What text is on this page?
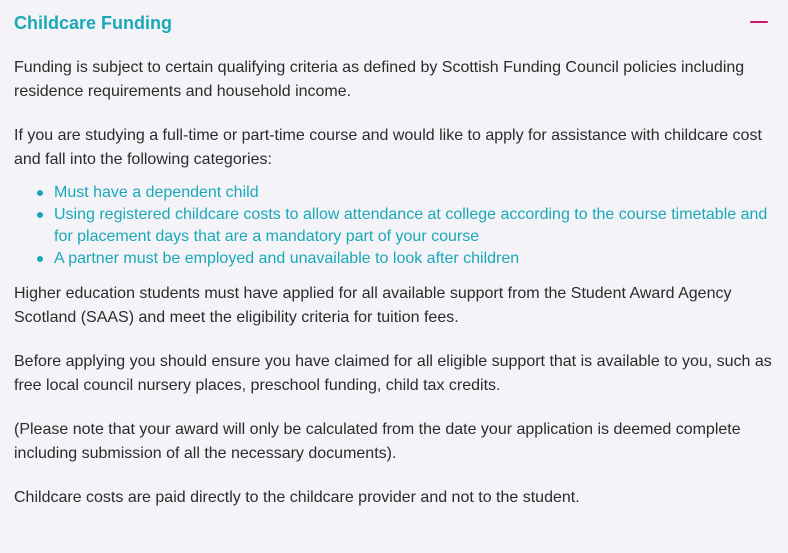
Childcare Funding

Funding is subject to certain qualifying criteria as defined by Scottish Funding Council policies including residence requirements and household income.

If you are studying a full-time or part-time course and would like to apply for assistance with childcare cost and fall into the following categories:

Must have a dependent child
Using registered childcare costs to allow attendance at college according to the course timetable and for placement days that are a mandatory part of your course
A partner must be employed and unavailable to look after children

Higher education students must have applied for all available support from the Student Award Agency Scotland (SAAS) and meet the eligibility criteria for tuition fees.

Before applying you should ensure you have claimed for all eligible support that is available to you, such as free local council nursery places, preschool funding, child tax credits.

(Please note that your award will only be calculated from the date your application is deemed complete including submission of all the necessary documents).

Childcare costs are paid directly to the childcare provider and not to the student.
